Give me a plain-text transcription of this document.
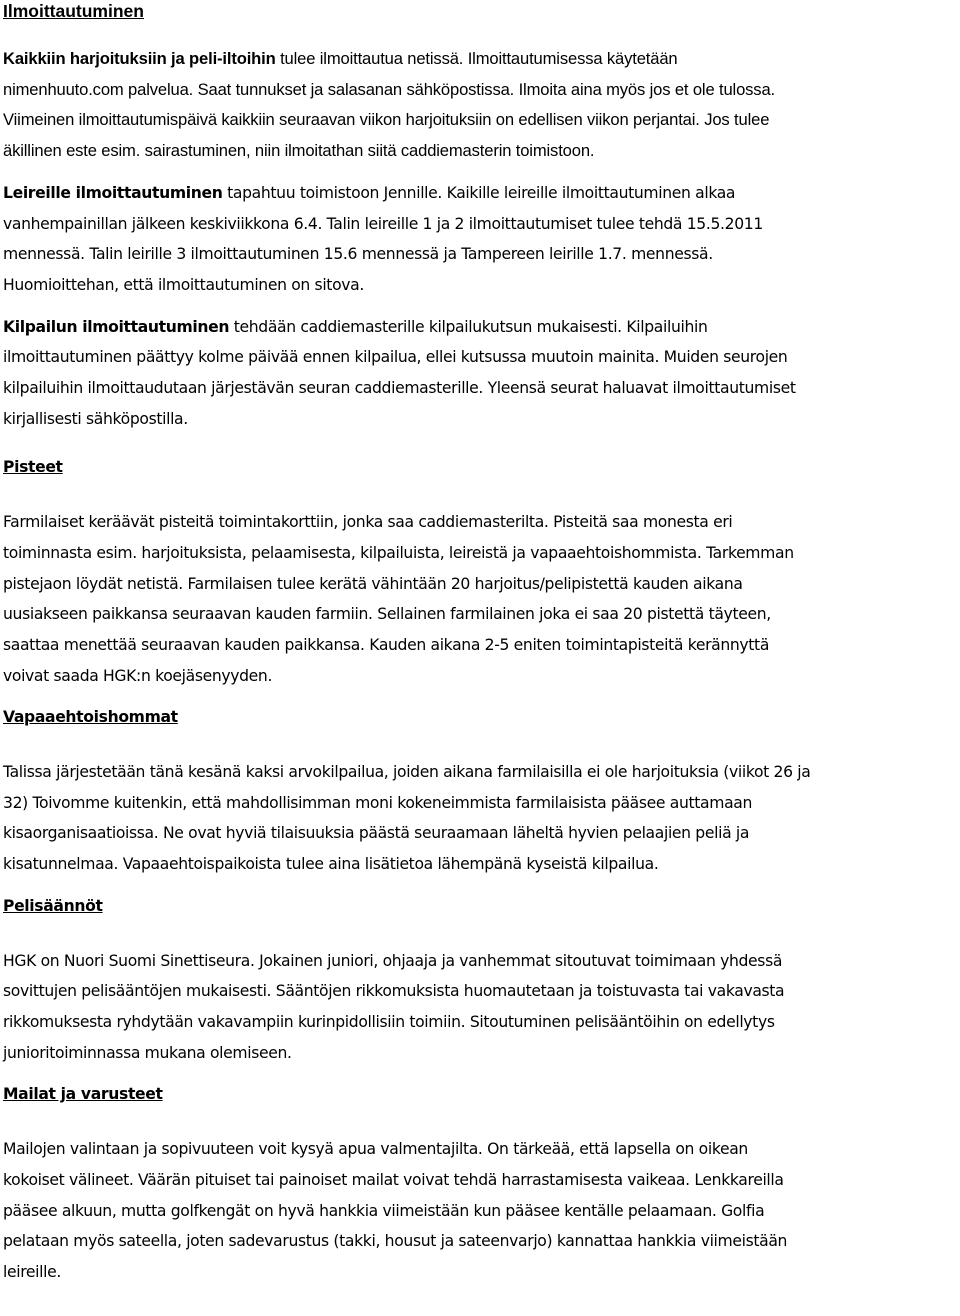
Ilmoittautuminen
Kaikkiin harjoituksiin ja peli-iltoihin tulee ilmoittautua netissä. Ilmoittautumisessa käytetään
nimenhuuto.com palvelua. Saat tunnukset ja salasanan sähköpostissa. Ilmoita aina myös jos et ole tulossa.
Viimeinen ilmoittautumispäivä kaikkiin seuraavan viikon harjoituksiin on edellisen viikon perjantai. Jos tulee
äkillinen este esim. sairastuminen, niin ilmoitathan siitä caddiemasterin toimistoon.
Leireille ilmoittautuminen tapahtuu toimistoon Jennille. Kaikille leireille ilmoittautuminen alkaa
vanhempainillan jälkeen keskiviikkona 6.4. Talin leireille 1 ja 2 ilmoittautumiset tulee tehdä 15.5.2011
mennessä. Talin leirille 3 ilmoittautuminen 15.6 mennessä ja Tampereen leirille 1.7. mennessä.
Huomioittehan, että ilmoittautuminen on sitova.
Kilpailun ilmoittautuminen tehdään caddiemasterille kilpailukutsun mukaisesti. Kilpailuihin
ilmoittautuminen päättyy kolme päivää ennen kilpailua, ellei kutsussa muutoin mainita. Muiden seurojen
kilpailuihin ilmoittaudutaan järjestävän seuran caddiemasterille. Yleensä seurat haluavat ilmoittautumiset
kirjallisesti sähköpostilla.
Pisteet
Farmilaiset keräävät pisteitä toimintakorttiin, jonka saa caddiemasterilta. Pisteitä saa monesta eri
toiminnasta esim. harjoituksista, pelaamisesta, kilpailuista, leireistä ja vapaaehtoishommista. Tarkemman
pistejaon löydät netistä. Farmilaisen tulee kerätä vähintään 20 harjoitus/pelipistettä kauden aikana
uusiakseen paikkansa seuraavan kauden farmiin. Sellainen farmilainen joka ei saa 20 pistettä täyteen,
saattaa menettää seuraavan kauden paikkansa. Kauden aikana 2-5 eniten toimintapisteitä kerännyttä
voivat saada HGK:n koejäsenyyden.
Vapaaehtoishommat
Talissa järjestetään tänä kesänä kaksi arvokilpailua, joiden aikana farmilaisilla ei ole harjoituksia (viikot 26 ja
32) Toivomme kuitenkin, että mahdollisimman moni kokeneimmista farmilaisista pääsee auttamaan
kisaorganisaatioissa. Ne ovat hyviä tilaisuuksia päästä seuraamaan läheltä hyvien pelaajien peliä ja
kisatunnelmaa. Vapaaehtoispaikoista tulee aina lisätietoa lähempänä kyseistä kilpailua.
Pelisäännöt
HGK on Nuori Suomi Sinettiseura. Jokainen juniori, ohjaaja ja vanhemmat sitoutuvat toimimaan yhdessä
sovittujen pelisääntöjen mukaisesti. Sääntöjen rikkomuksista huomautetaan ja toistuvasta tai vakavasta
rikkomuksesta ryhdytään vakavampiin kurinpidollisiin toimiin. Sitoutuminen pelisääntöihin on edellytys
junioritoiminnassa mukana olemiseen.
Mailat ja varusteet
Mailojen valintaan ja sopivuuteen voit kysyä apua valmentajilta. On tärkeää, että lapsella on oikean
kokoiset välineet. Väärän pituiset tai painoiset mailat voivat tehdä harrastamisesta vaikeaa. Lenkkareilla
pääsee alkuun, mutta golfkengät on hyvä hankkia viimeistään kun pääsee kentälle pelaamaan. Golfia
pelataan myös sateella, joten sadevarustus (takki, housut ja sateenvarjo) kannattaa hankkia viimeistään
leireille.
